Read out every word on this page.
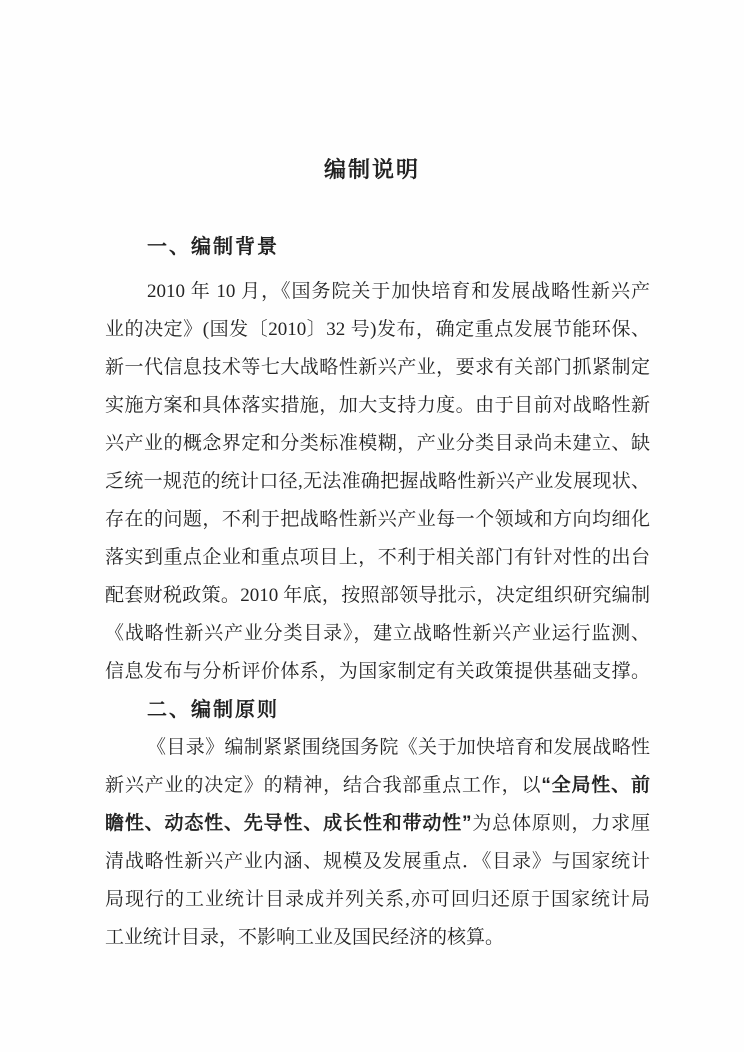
编制说明
一、编制背景
2010 年 10 月，《国务院关于加快培育和发展战略性新兴产
业的决定》(国发〔2010〕32 号)发布，确定重点发展节能环保、
新一代信息技术等七大战略性新兴产业，要求有关部门抓紧制定
实施方案和具体落实措施，加大支持力度。由于目前对战略性新
兴产业的概念界定和分类标准模糊，产业分类目录尚未建立、缺
乏统一规范的统计口径,无法准确把握战略性新兴产业发展现状、
存在的问题，不利于把战略性新兴产业每一个领域和方向均细化
落实到重点企业和重点项目上，不利于相关部门有针对性的出台
配套财税政策。2010 年底，按照部领导批示，决定组织研究编制
《战略性新兴产业分类目录》，建立战略性新兴产业运行监测、
信息发布与分析评价体系，为国家制定有关政策提供基础支撑。
二、编制原则
《目录》编制紧紧围绕国务院《关于加快培育和发展战略性
新兴产业的决定》的精神，结合我部重点工作，以“全局性、前
瞻性、动态性、先导性、成长性和带动性”为总体原则，力求厘
清战略性新兴产业内涵、规模及发展重点．《目录》与国家统计
局现行的工业统计目录成并列关系,亦可回归还原于国家统计局
工业统计目录，不影响工业及国民经济的核算。
